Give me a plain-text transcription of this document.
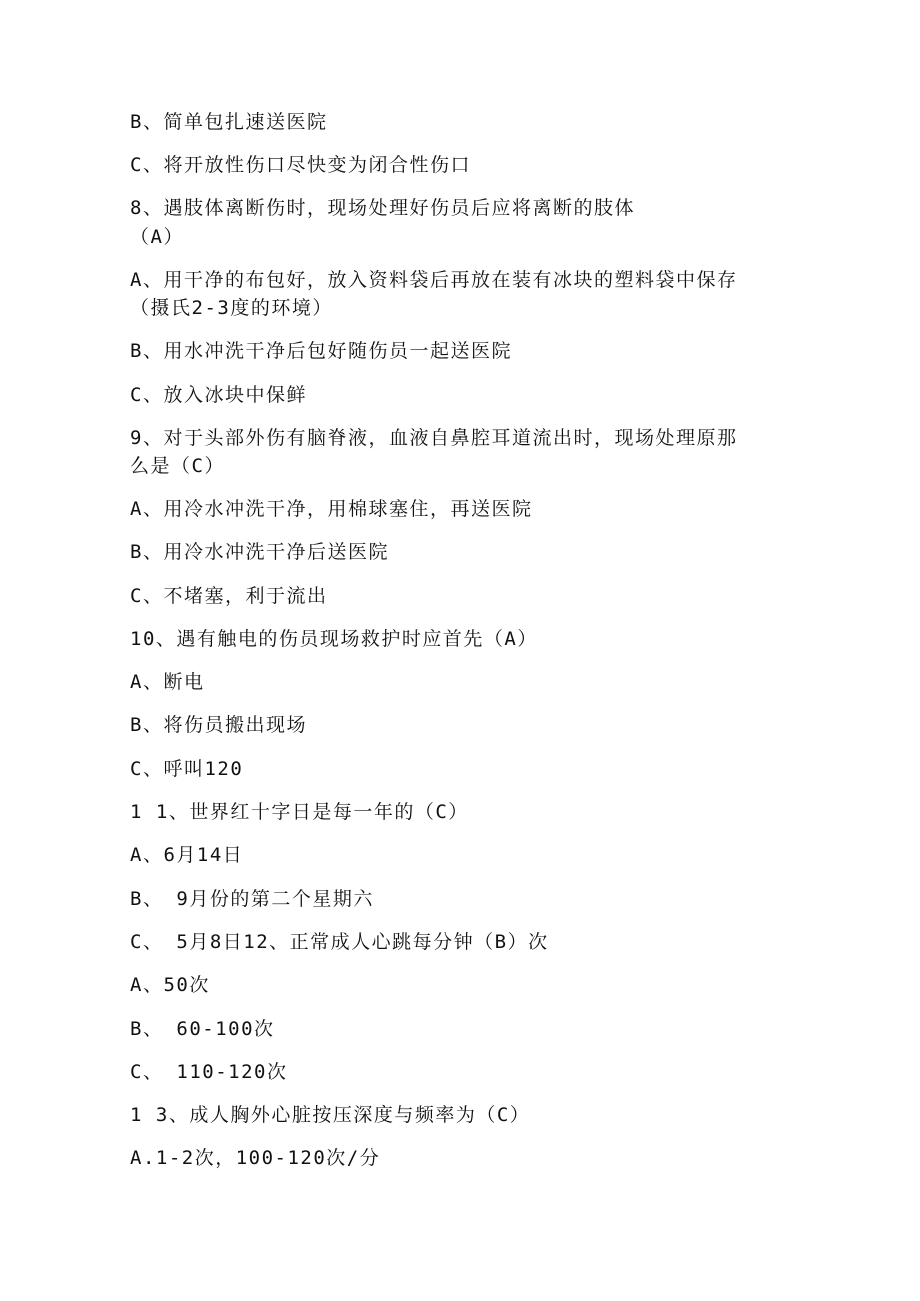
B、简单包扎速送医院
C、将开放性伤口尽快变为闭合性伤口
8、遇肢体离断伤时，现场处理好伤员后应将离断的肢体
（A）
A、用干净的布包好，放入资料袋后再放在装有冰块的塑料袋中保存
（摄氏2-3度的环境）
B、用水冲洗干净后包好随伤员一起送医院
C、放入冰块中保鲜
9、对于头部外伤有脑脊液，血液自鼻腔耳道流出时，现场处理原那
么是（C）
A、用冷水冲洗干净，用棉球塞住，再送医院
B、用冷水冲洗干净后送医院
C、不堵塞，利于流出
10、遇有触电的伤员现场救护时应首先（A）
A、断电
B、将伤员搬出现场
C、呼叫120
1 1、世界红十字日是每一年的（C）
A、6月14日
B、 9月份的第二个星期六
C、 5月8日12、正常成人心跳每分钟（B）次
A、50次
B、 60-100次
C、 110-120次
1 3、成人胸外心脏按压深度与频率为（C）
A.1-2次，100-120次/分
